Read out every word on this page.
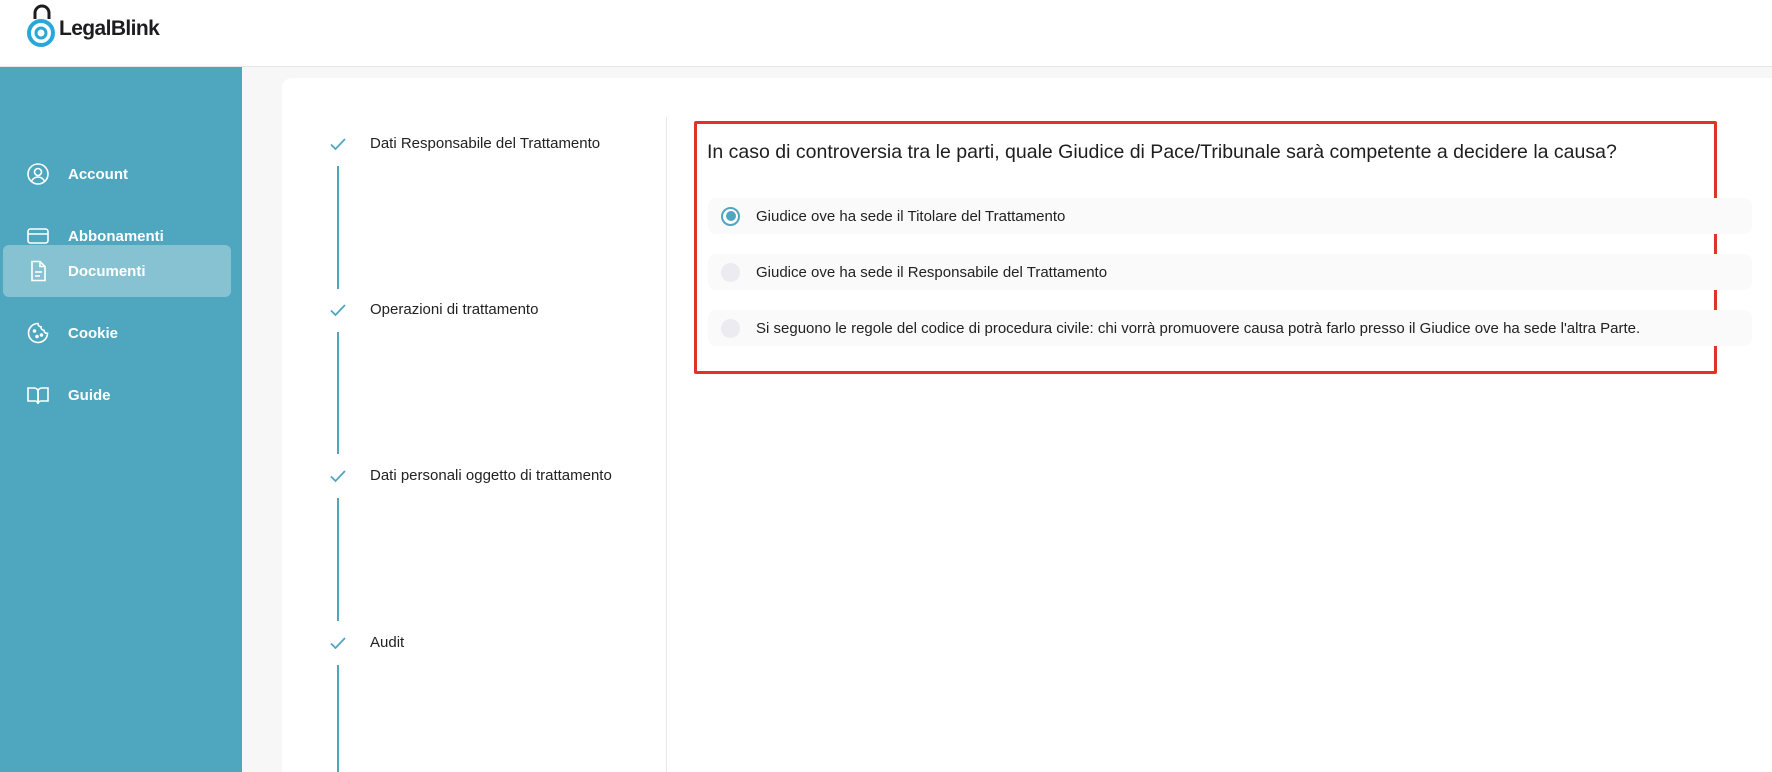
LegalBlink
Account
Abbonamenti
Documenti
Cookie
Guide
Dati Responsabile del Trattamento
Operazioni di trattamento
Dati personali oggetto di trattamento
Audit
In caso di controversia tra le parti, quale Giudice di Pace/Tribunale sarà competente a decidere la causa?
Giudice ove ha sede il Titolare del Trattamento
Giudice ove ha sede il Responsabile del Trattamento
Si seguono le regole del codice di procedura civile: chi vorrà promuovere causa potrà farlo presso il Giudice ove ha sede l'altra Parte.
